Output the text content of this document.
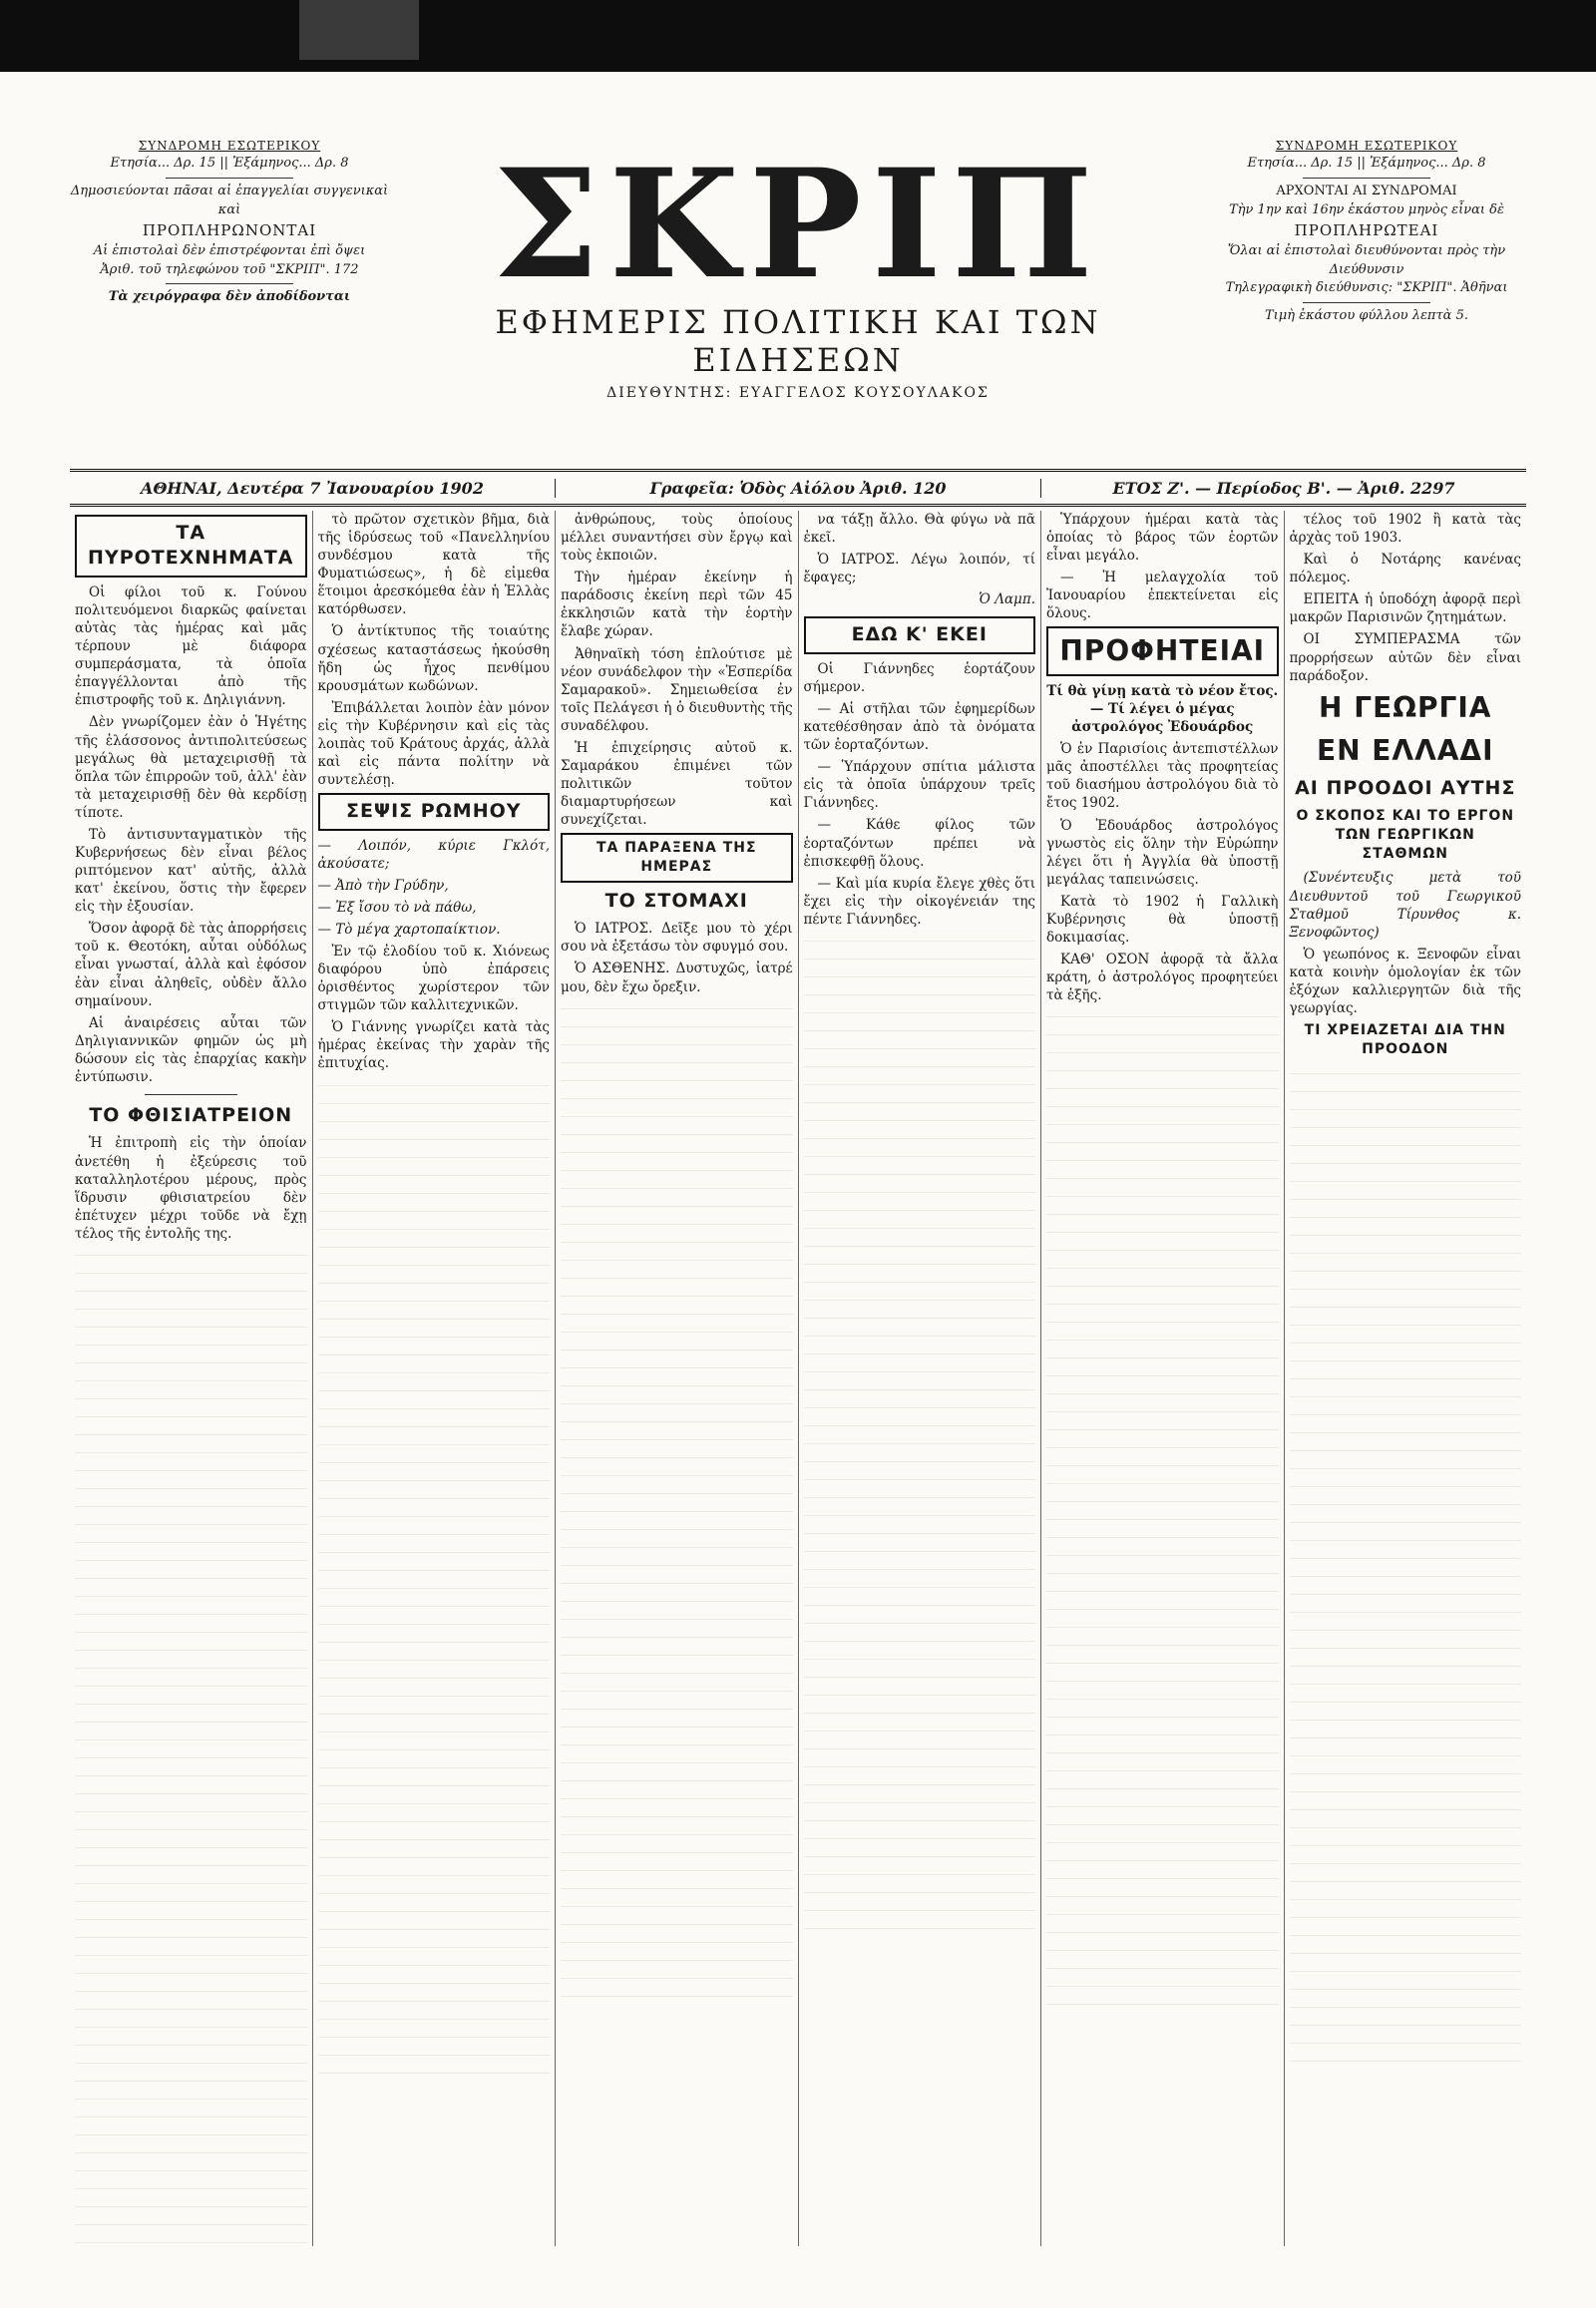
ΣΥΝΔΡΟΜΗ ΕΣΩΤΕΡΙΚΟΥ
Ετησία... Δρ. 15 || Ἐξάμηνος... Δρ. 8
Δημοσιεύονται πᾶσαι αἱ ἐπαγγελίαι συγγενικαὶ καὶ
ΠΡΟΠΛΗΡΩΝΟΝΤΑΙ
Αἱ ἐπιστολαὶ δὲν ἐπιστρέφονται ἐπὶ ὄψει
Ἀριθ. τοῦ τηλεφώνου τοῦ "ΣΚΡΙΠ". 172
Τὰ χειρόγραφα δὲν ἀποδίδονται ΣΚΡΙΠ
ΕΦΗΜΕΡΙΣ ΠΟΛΙΤΙΚΗ ΚΑΙ ΤΩΝ ΕΙΔΗΣΕΩΝ
ΔΙΕΥΘΥΝΤΗΣ: ΕΥΑΓΓΕΛΟΣ ΚΟΥΣΟΥΛΑΚΟΣ
ΣΥΝΔΡΟΜΗ ΕΣΩΤΕΡΙΚΟΥ
Ετησία... Δρ. 15 || Ἐξάμηνος... Δρ. 8
ΑΡΧΟΝΤΑΙ ΑΙ ΣΥΝΔΡΟΜΑΙ
Τὴν 1ην καὶ 16ην ἑκάστου μηνὸς εἶναι δὲ
ΠΡΟΠΛΗΡΩΤΕΑΙ
Ὅλαι αἱ ἐπιστολαὶ διευθύνονται πρὸς τὴν Διεύθυνσιν
Τηλεγραφικὴ διεύθυνσις: "ΣΚΡΙΠ". Ἀθῆναι
Τιμὴ ἑκάστου φύλλου λεπτὰ 5.
ΑΘΗΝΑΙ, Δευτέρα 7 Ἰανουαρίου 1902	Γραφεῖα: Ὁδὸς Αἰόλου Ἀριθ. 120	ΕΤΟΣ Ζ'. — Περίοδος Β'. — Ἀριθ. 2297
ΤΑ ΠΥΡΟΤΕΧΝΗΜΑΤΑ

Οἱ φίλοι τοῦ κ. Γούνου πολιτευόμενοι διαρκῶς φαίνεται αὐτὰς τὰς ἡμέρας καὶ μᾶς τέρπουν μὲ διάφορα συμπεράσματα, τὰ ὁποῖα ἐπαγγέλλονται ἀπὸ τῆς ἐπιστροφῆς τοῦ κ. Δηλιγιάννη.

Δὲν γνωρίζομεν ἐὰν ὁ Ἡγέτης τῆς ἐλάσσονος ἀντιπολιτεύσεως μεγάλως θὰ μεταχειρισθῇ τὰ ὅπλα τῶν ἐπιρροῶν τοῦ, ἀλλ' ἐὰν τὰ μεταχειρισθῇ δὲν θὰ κερδίσῃ τίποτε.

Τὸ ἀντισυνταγματικὸν τῆς Κυβερνήσεως δὲν εἶναι βέλος ριπτόμενον κατ' αὐτῆς, ἀλλὰ κατ' ἐκείνου, ὅστις τὴν ἔφερεν εἰς τὴν ἐξουσίαν.

Ὅσον ἀφορᾷ δὲ τὰς ἀπορρήσεις τοῦ κ. Θεοτόκη, αὗται οὐδόλως εἶναι γνωσταί, ἀλλὰ καὶ ἐφόσον ἐὰν εἶναι ἀληθεῖς, οὐδὲν ἄλλο σημαίνουν.

Αἱ ἀναιρέσεις αὗται τῶν Δηλιγιαννικῶν φημῶν ὡς μὴ δώσουν εἰς τὰς ἐπαρχίας κακὴν ἐντύπωσιν.

ΤΟ ΦΘΙΣΙΑΤΡΕΙΟΝ

Ἡ ἐπιτροπὴ εἰς τὴν ὁποίαν ἀνετέθη ἡ ἐξεύρεσις τοῦ καταλληλοτέρου μέρους, πρὸς ἵδρυσιν φθισιατρείου δὲν ἐπέτυχεν μέχρι τοῦδε νὰ ἔχῃ τέλος τῆς ἐντολῆς της.

τὸ πρῶτον σχετικὸν βῆμα, διὰ τῆς ἱδρύσεως τοῦ «Πανελληνίου συνδέσμου κατὰ τῆς Φυματιώσεως», ἡ δὲ εἰμεθα ἕτοιμοι ἀρεσκόμεθα ἐὰν ἡ Ἑλλὰς κατόρθωσεν.

Ὁ ἀντίκτυπος τῆς τοιαύτης σχέσεως καταστάσεως ἠκούσθη ἤδη ὡς ἦχος πενθίμου κρουσμάτων κωδώνων.

Ἐπιβάλλεται λοιπὸν ἐὰν μόνον εἰς τὴν Κυβέρνησιν καὶ εἰς τὰς λοιπὰς τοῦ Κράτους ἀρχάς, ἀλλὰ καὶ εἰς πάντα πολίτην νὰ συντελέσῃ.

ΣΕΨΙΣ ΡΩΜΗΟΥ

— Λοιπόν, κύριε Γκλότ, ἀκούσατε;

— Ἀπὸ τὴν Γρύδην,

— Ἐξ ἴσου τὸ νὰ πάθω,

— Τὸ μέγα χαρτοπαίκτιον.

Ἐν τῷ ἐλοδίου τοῦ κ. Χιόνεως διαφόρου ὑπὸ ἐπάρσεις ὁρισθέντος χωρίστερον τῶν στιγμῶν τῶν καλλιτεχνικῶν.

Ὁ Γιάννης γνωρίζει κατὰ τὰς ἡμέρας ἐκείνας τὴν χαρὰν τῆς ἐπιτυχίας.

ἀνθρώπους, τοὺς ὁποίους μέλλει συναντήσει σὺν ἔργῳ καὶ τοὺς ἐκποιῶν.

Τὴν ἡμέραν ἐκείνην ἡ παράδοσις ἐκείνη περὶ τῶν 45 ἐκκλησιῶν κατὰ τὴν ἑορτὴν ἔλαβε χώραν.

Ἀθηναϊκὴ τόση ἐπλούτισε μὲ νέον συνάδελφον τὴν «Ἑσπερίδα Σαμαρακοῦ». Σημειωθείσα ἐν τοῖς Πελάγεσι ἡ ὁ διευθυντὴς τῆς συναδέλφου.

Ἡ ἐπιχείρησις αὐτοῦ κ. Σαμαράκου ἐπιμένει τῶν πολιτικῶν τοῦτον διαμαρτυρήσεων καὶ συνεχίζεται.

ΤΑ ΠΑΡΑΞΕΝΑ ΤΗΣ ΗΜΕΡΑΣ
ΤΟ ΣΤΟΜΑΧΙ

Ὁ ΙΑΤΡΟΣ. Δεῖξε μου τὸ χέρι σου νὰ ἐξετάσω τὸν σφυγμό σου.

Ὁ ΑΣΘΕΝΗΣ. Δυστυχῶς, ἰατρέ μου, δὲν ἔχω ὄρεξιν.

να τάξῃ ἄλλο. Θὰ φύγω νὰ πᾶ ἐκεῖ.

Ὁ ΙΑΤΡΟΣ. Λέγω λοιπόν, τί ἔφαγες;

Ὁ Λαμπ.
ΕΔΩ Κ' ΕΚΕΙ

Οἱ Γιάννηδες ἑορτάζουν σήμερον.

— Αἱ στῆλαι τῶν ἐφημερίδων κατεθέσθησαν ἀπὸ τὰ ὀνόματα τῶν ἑορταζόντων.

— Ὑπάρχουν σπίτια μάλιστα εἰς τὰ ὁποῖα ὑπάρχουν τρεῖς Γιάννηδες.

— Κάθε φίλος τῶν ἑορταζόντων πρέπει νὰ ἐπισκεφθῇ ὅλους.

— Καὶ μία κυρία ἔλεγε χθὲς ὅτι ἔχει εἰς τὴν οἰκογένειάν της πέντε Γιάννηδες.

Ὑπάρχουν ἡμέραι κατὰ τὰς ὁποίας τὸ βάρος τῶν ἑορτῶν εἶναι μεγάλο.

— Ἡ μελαγχολία τοῦ Ἰανουαρίου ἐπεκτείνεται εἰς ὅλους.

ΠΡΟΦΗΤΕΙΑΙ

Τί θὰ γίνῃ κατὰ τὸ νέον ἔτος. — Τί λέγει ὁ μέγας ἀστρολόγος Ἐδουάρδος

Ὁ ἐν Παρισίοις ἀντεπιστέλλων μᾶς ἀποστέλλει τὰς προφητείας τοῦ διασήμου ἀστρολόγου διὰ τὸ ἔτος 1902.

Ὁ Ἐδουάρδος ἀστρολόγος γνωστὸς εἰς ὅλην τὴν Εὐρώπην λέγει ὅτι ἡ Ἀγγλία θὰ ὑποστῇ μεγάλας ταπεινώσεις.

Κατὰ τὸ 1902 ἡ Γαλλικὴ Κυβέρνησις θὰ ὑποστῇ δοκιμασίας.

ΚΑΘ' ΟΣΟΝ ἀφορᾷ τὰ ἄλλα κράτη, ὁ ἀστρολόγος προφητεύει τὰ ἑξῆς.

τέλος τοῦ 1902 ἢ κατὰ τὰς ἀρχὰς τοῦ 1903.

Καὶ ὁ Νοτάρης κανένας πόλεμος.

ΕΠΕΙΤΑ ἡ ὑποδόχη ἀφορᾷ περὶ μακρῶν Παρισινῶν ζητημάτων.

ΟΙ ΣΥΜΠΕΡΑΣΜΑ τῶν προρρήσεων αὐτῶν δὲν εἶναι παράδοξον.

Η ΓΕΩΡΓΙΑ
ΕΝ ΕΛΛΑΔΙ
ΑΙ ΠΡΟΟΔΟΙ ΑΥΤΗΣ
Ο ΣΚΟΠΟΣ ΚΑΙ ΤΟ ΕΡΓΟΝ ΤΩΝ ΓΕΩΡΓΙΚΩΝ ΣΤΑΘΜΩΝ

(Συνέντευξις μετὰ τοῦ Διευθυντοῦ τοῦ Γεωργικοῦ Σταθμοῦ Τίρυνθος κ. Ξενοφῶντος)

Ὁ γεωπόνος κ. Ξενοφῶν εἶναι κατὰ κοινὴν ὁμολογίαν ἐκ τῶν ἐξόχων καλλιεργητῶν διὰ τῆς γεωργίας.

ΤΙ ΧΡΕΙΑΖΕΤΑΙ ΔΙΑ ΤΗΝ ΠΡΟΟΔΟΝ
